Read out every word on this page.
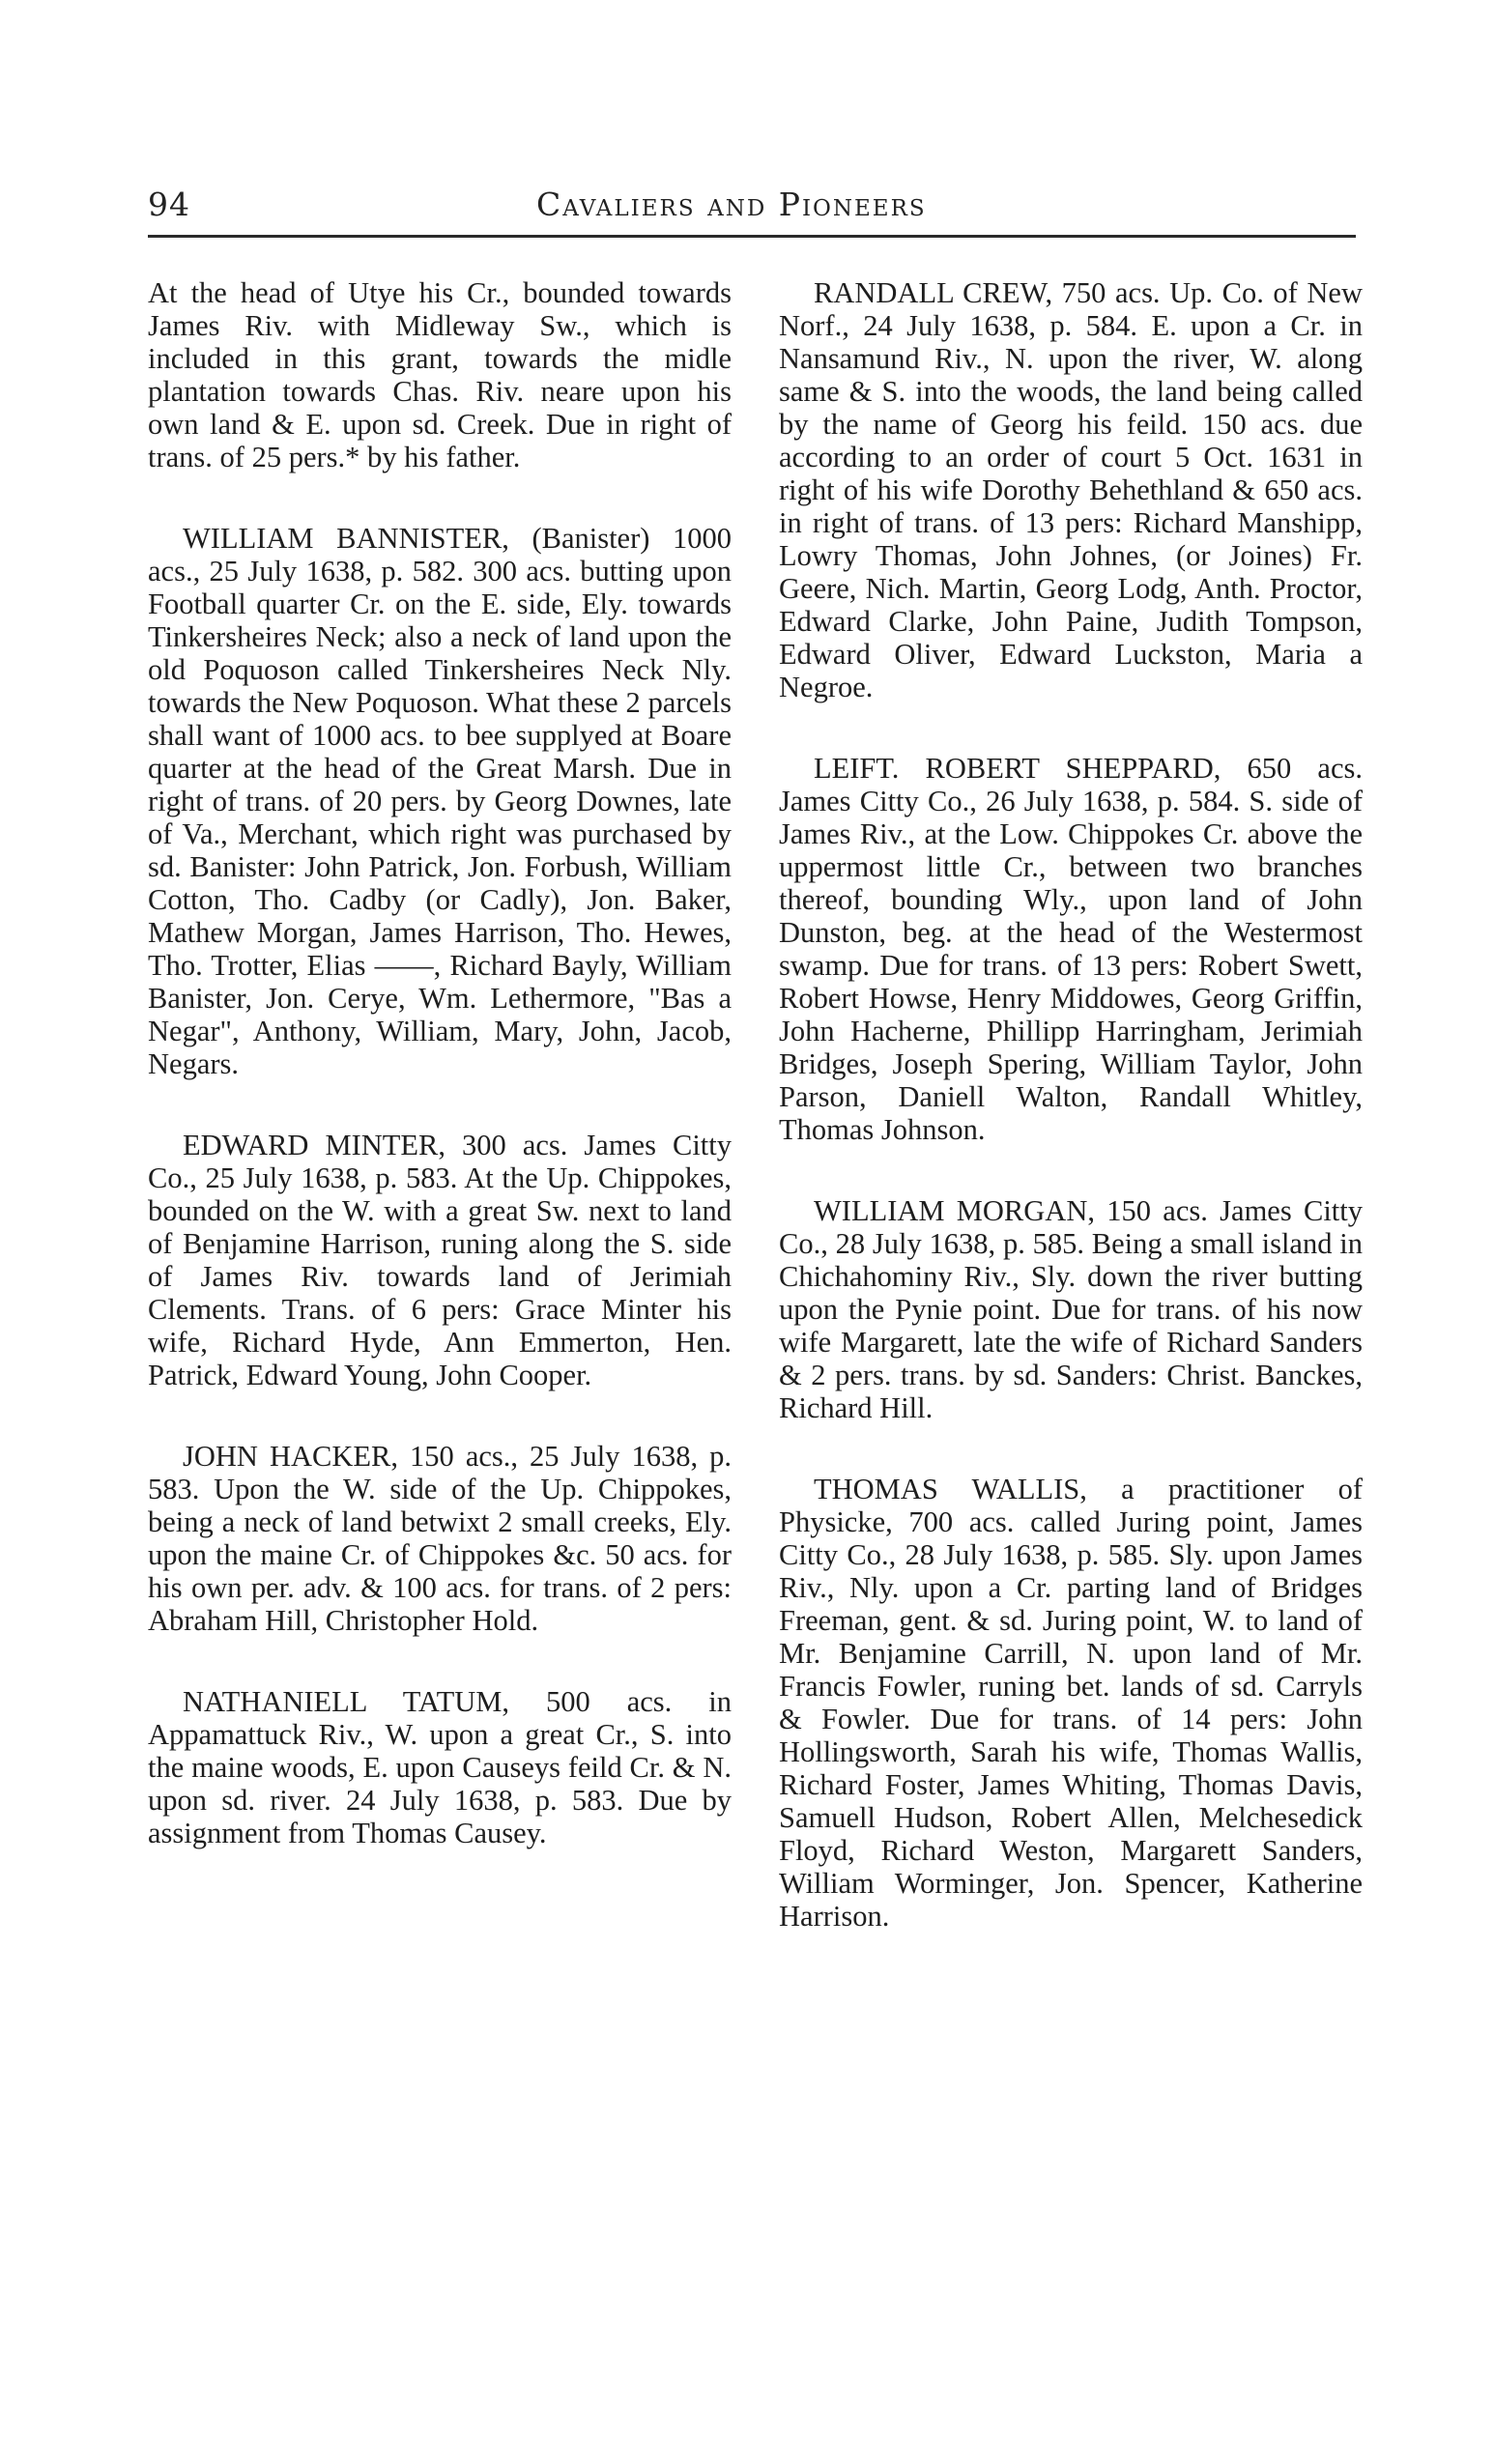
94	Cavaliers and Pioneers

At the head of Utye his Cr., bounded towards James Riv. with Midleway Sw., which is included in this grant, towards the midle plantation towards Chas. Riv. neare upon his own land & E. upon sd. Creek. Due in right of trans. of 25 pers.* by his father.

WILLIAM BANNISTER, (Banister) 1000 acs., 25 July 1638, p. 582. 300 acs. butting upon Football quarter Cr. on the E. side, Ely. towards Tinkersheires Neck; also a neck of land upon the old Poquoson called Tinkersheires Neck Nly. towards the New Poquoson. What these 2 parcels shall want of 1000 acs. to bee supplyed at Boare quarter at the head of the Great Marsh. Due in right of trans. of 20 pers. by Georg Downes, late of Va., Merchant, which right was purchased by sd. Banister: John Patrick, Jon. Forbush, William Cotton, Tho. Cadby (or Cadly), Jon. Baker, Mathew Morgan, James Harrison, Tho. Hewes, Tho. Trotter, Elias ——, Richard Bayly, William Banister, Jon. Cerye, Wm. Lethermore, "Bas a Negar", Anthony, William, Mary, John, Jacob, Negars.

EDWARD MINTER, 300 acs. James Citty Co., 25 July 1638, p. 583. At the Up. Chippokes, bounded on the W. with a great Sw. next to land of Benjamine Harrison, runing along the S. side of James Riv. towards land of Jerimiah Clements. Trans. of 6 pers: Grace Minter his wife, Richard Hyde, Ann Emmerton, Hen. Patrick, Edward Young, John Cooper.

JOHN HACKER, 150 acs., 25 July 1638, p. 583. Upon the W. side of the Up. Chippokes, being a neck of land betwixt 2 small creeks, Ely. upon the maine Cr. of Chippokes &c. 50 acs. for his own per. adv. & 100 acs. for trans. of 2 pers: Abraham Hill, Christopher Hold.

NATHANIELL TATUM, 500 acs. in Appamattuck Riv., W. upon a great Cr., S. into the maine woods, E. upon Causeys feild Cr. & N. upon sd. river. 24 July 1638, p. 583. Due by assignment from Thomas Causey.

RANDALL CREW, 750 acs. Up. Co. of New Norf., 24 July 1638, p. 584. E. upon a Cr. in Nansamund Riv., N. upon the river, W. along same & S. into the woods, the land being called by the name of Georg his feild. 150 acs. due according to an order of court 5 Oct. 1631 in right of his wife Dorothy Behethland & 650 acs. in right of trans. of 13 pers: Richard Manshipp, Lowry Thomas, John Johnes, (or Joines) Fr. Geere, Nich. Martin, Georg Lodg, Anth. Proctor, Edward Clarke, John Paine, Judith Tompson, Edward Oliver, Edward Luckston, Maria a Negroe.

LEIFT. ROBERT SHEPPARD, 650 acs. James Citty Co., 26 July 1638, p. 584. S. side of James Riv., at the Low. Chippokes Cr. above the uppermost little Cr., between two branches thereof, bounding Wly., upon land of John Dunston, beg. at the head of the Westermost swamp. Due for trans. of 13 pers: Robert Swett, Robert Howse, Henry Middowes, Georg Griffin, John Hacherne, Phillipp Harringham, Jerimiah Bridges, Joseph Spering, William Taylor, John Parson, Daniell Walton, Randall Whitley, Thomas Johnson.

WILLIAM MORGAN, 150 acs. James Citty Co., 28 July 1638, p. 585. Being a small island in Chichahominy Riv., Sly. down the river butting upon the Pynie point. Due for trans. of his now wife Margarett, late the wife of Richard Sanders & 2 pers. trans. by sd. Sanders: Christ. Banckes, Richard Hill.

THOMAS WALLIS, a practitioner of Physicke, 700 acs. called Juring point, James Citty Co., 28 July 1638, p. 585. Sly. upon James Riv., Nly. upon a Cr. parting land of Bridges Freeman, gent. & sd. Juring point, W. to land of Mr. Benjamine Carrill, N. upon land of Mr. Francis Fowler, runing bet. lands of sd. Carryls & Fowler. Due for trans. of 14 pers: John Hollingsworth, Sarah his wife, Thomas Wallis, Richard Foster, James Whiting, Thomas Davis, Samuell Hudson, Robert Allen, Melchesedick Floyd, Richard Weston, Margarett Sanders, William Worminger, Jon. Spencer, Katherine Harrison.
